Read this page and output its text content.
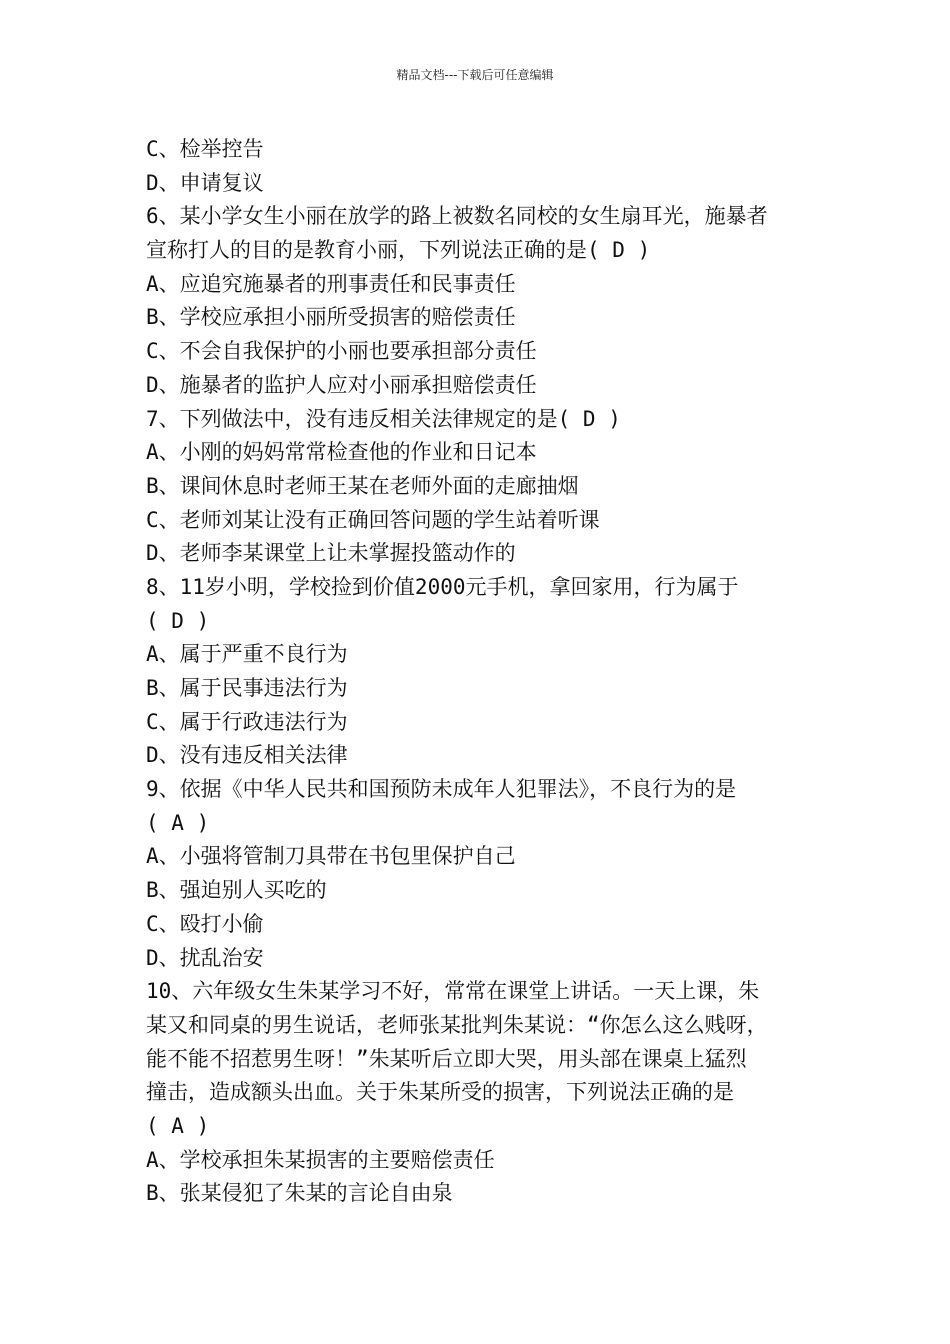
精品文档---下载后可任意编辑
C、检举控告
D、申请复议
6、某小学女生小丽在放学的路上被数名同校的女生扇耳光，施暴者
宣称打人的目的是教育小丽，下列说法正确的是( D )
A、应追究施暴者的刑事责任和民事责任
B、学校应承担小丽所受损害的赔偿责任
C、不会自我保护的小丽也要承担部分责任
D、施暴者的监护人应对小丽承担赔偿责任
7、下列做法中，没有违反相关法律规定的是( D )
A、小刚的妈妈常常检查他的作业和日记本
B、课间休息时老师王某在老师外面的走廊抽烟
C、老师刘某让没有正确回答问题的学生站着听课
D、老师李某课堂上让未掌握投篮动作的
8、11岁小明，学校捡到价值2000元手机，拿回家用，行为属于
( D )
A、属于严重不良行为
B、属于民事违法行为
C、属于行政违法行为
D、没有违反相关法律
9、依据《中华人民共和国预防未成年人犯罪法》，不良行为的是
( A )
A、小强将管制刀具带在书包里保护自己
B、强迫别人买吃的
C、殴打小偷
D、扰乱治安
10、六年级女生朱某学习不好，常常在课堂上讲话。一天上课，朱
某又和同桌的男生说话，老师张某批判朱某说：“你怎么这么贱呀，
能不能不招惹男生呀！”朱某听后立即大哭，用头部在课桌上猛烈
撞击，造成额头出血。关于朱某所受的损害，下列说法正确的是
( A )
A、学校承担朱某损害的主要赔偿责任
B、张某侵犯了朱某的言论自由泉
